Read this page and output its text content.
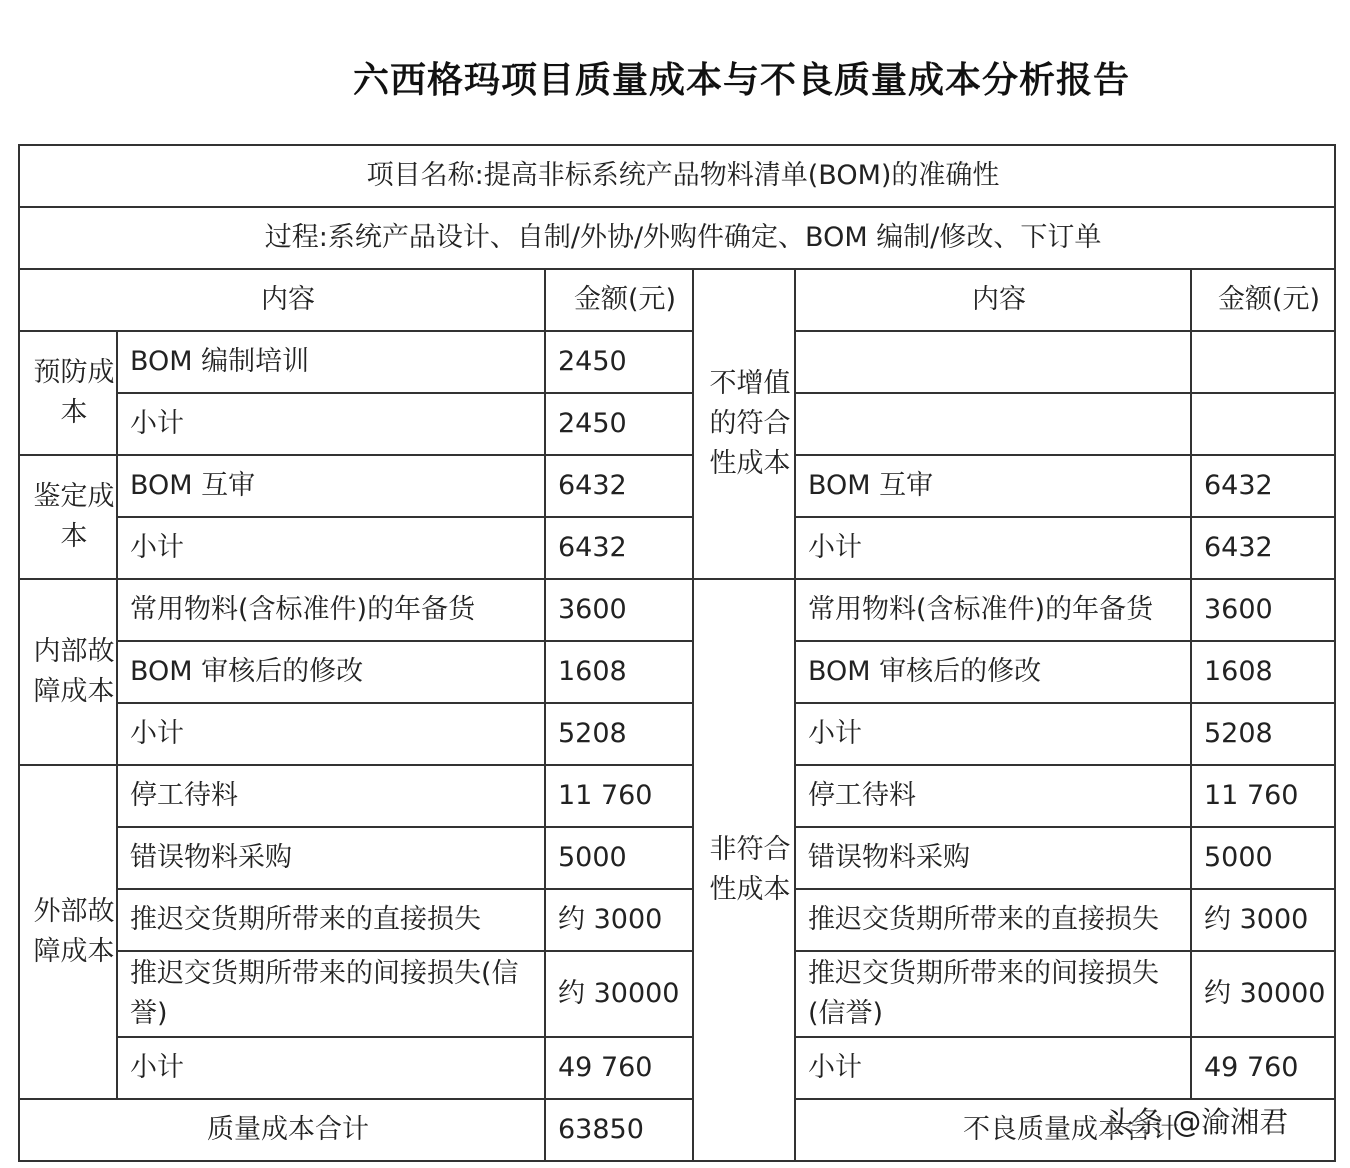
六西格玛项目质量成本与不良质量成本分析报告
项目名称:提高非标系统产品物料清单(BOM)的准确性						
过程:系统产品设计、自制/外协/外购件确定、BOM 编制/修改、下订单						
内容		金额(元)	不增值的符合性成本	内容	金额(元)	
预防成本	BOM 编制培训	2450				
	小计	2450				
鉴定成本	BOM 互审	6432		BOM 互审	6432	
	小计	6432		小计	6432	
内部故障成本	常用物料(含标准件)的年备货	3600	非符合性成本	常用物料(含标准件)的年备货	3600	
	BOM 审核后的修改	1608		BOM 审核后的修改	1608	
	小计	5208		小计	5208	
外部故障成本	停工待料	11 760		停工待料	11 760	
	错误物料采购	5000		错误物料采购	5000	
	推迟交货期所带来的直接损失	约 3000		推迟交货期所带来的直接损失	约 3000	
	推迟交货期所带来的间接损失(信誉)	约 30000		推迟交货期所带来的间接损失(信誉)	约 30000	
	小计	49 760		小计	49 760	
质量成本合计		63850		不良质量成本合计		
头条 @渝湘君
